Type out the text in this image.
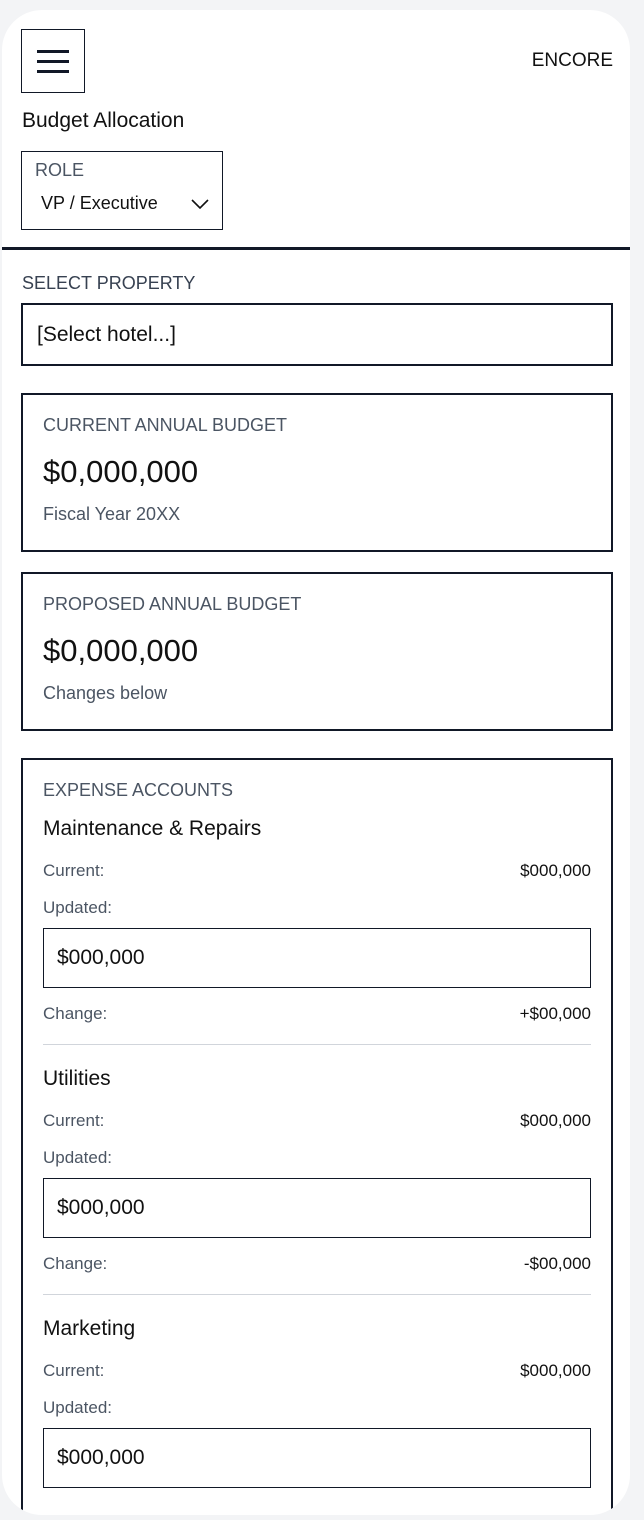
ENCORE
Budget Allocation
ROLE
VP / Executive
SELECT PROPERTY
[Select hotel...]
CURRENT ANNUAL BUDGET
$0,000,000
Fiscal Year 20XX
PROPOSED ANNUAL BUDGET
$0,000,000
Changes below
EXPENSE ACCOUNTS
Maintenance & Repairs
Current:	$000,000
Updated:
$000,000
Change:	+$00,000
Utilities
Current:	$000,000
Updated:
$000,000
Change:	-$00,000
Marketing
Current:	$000,000
Updated:
$000,000
